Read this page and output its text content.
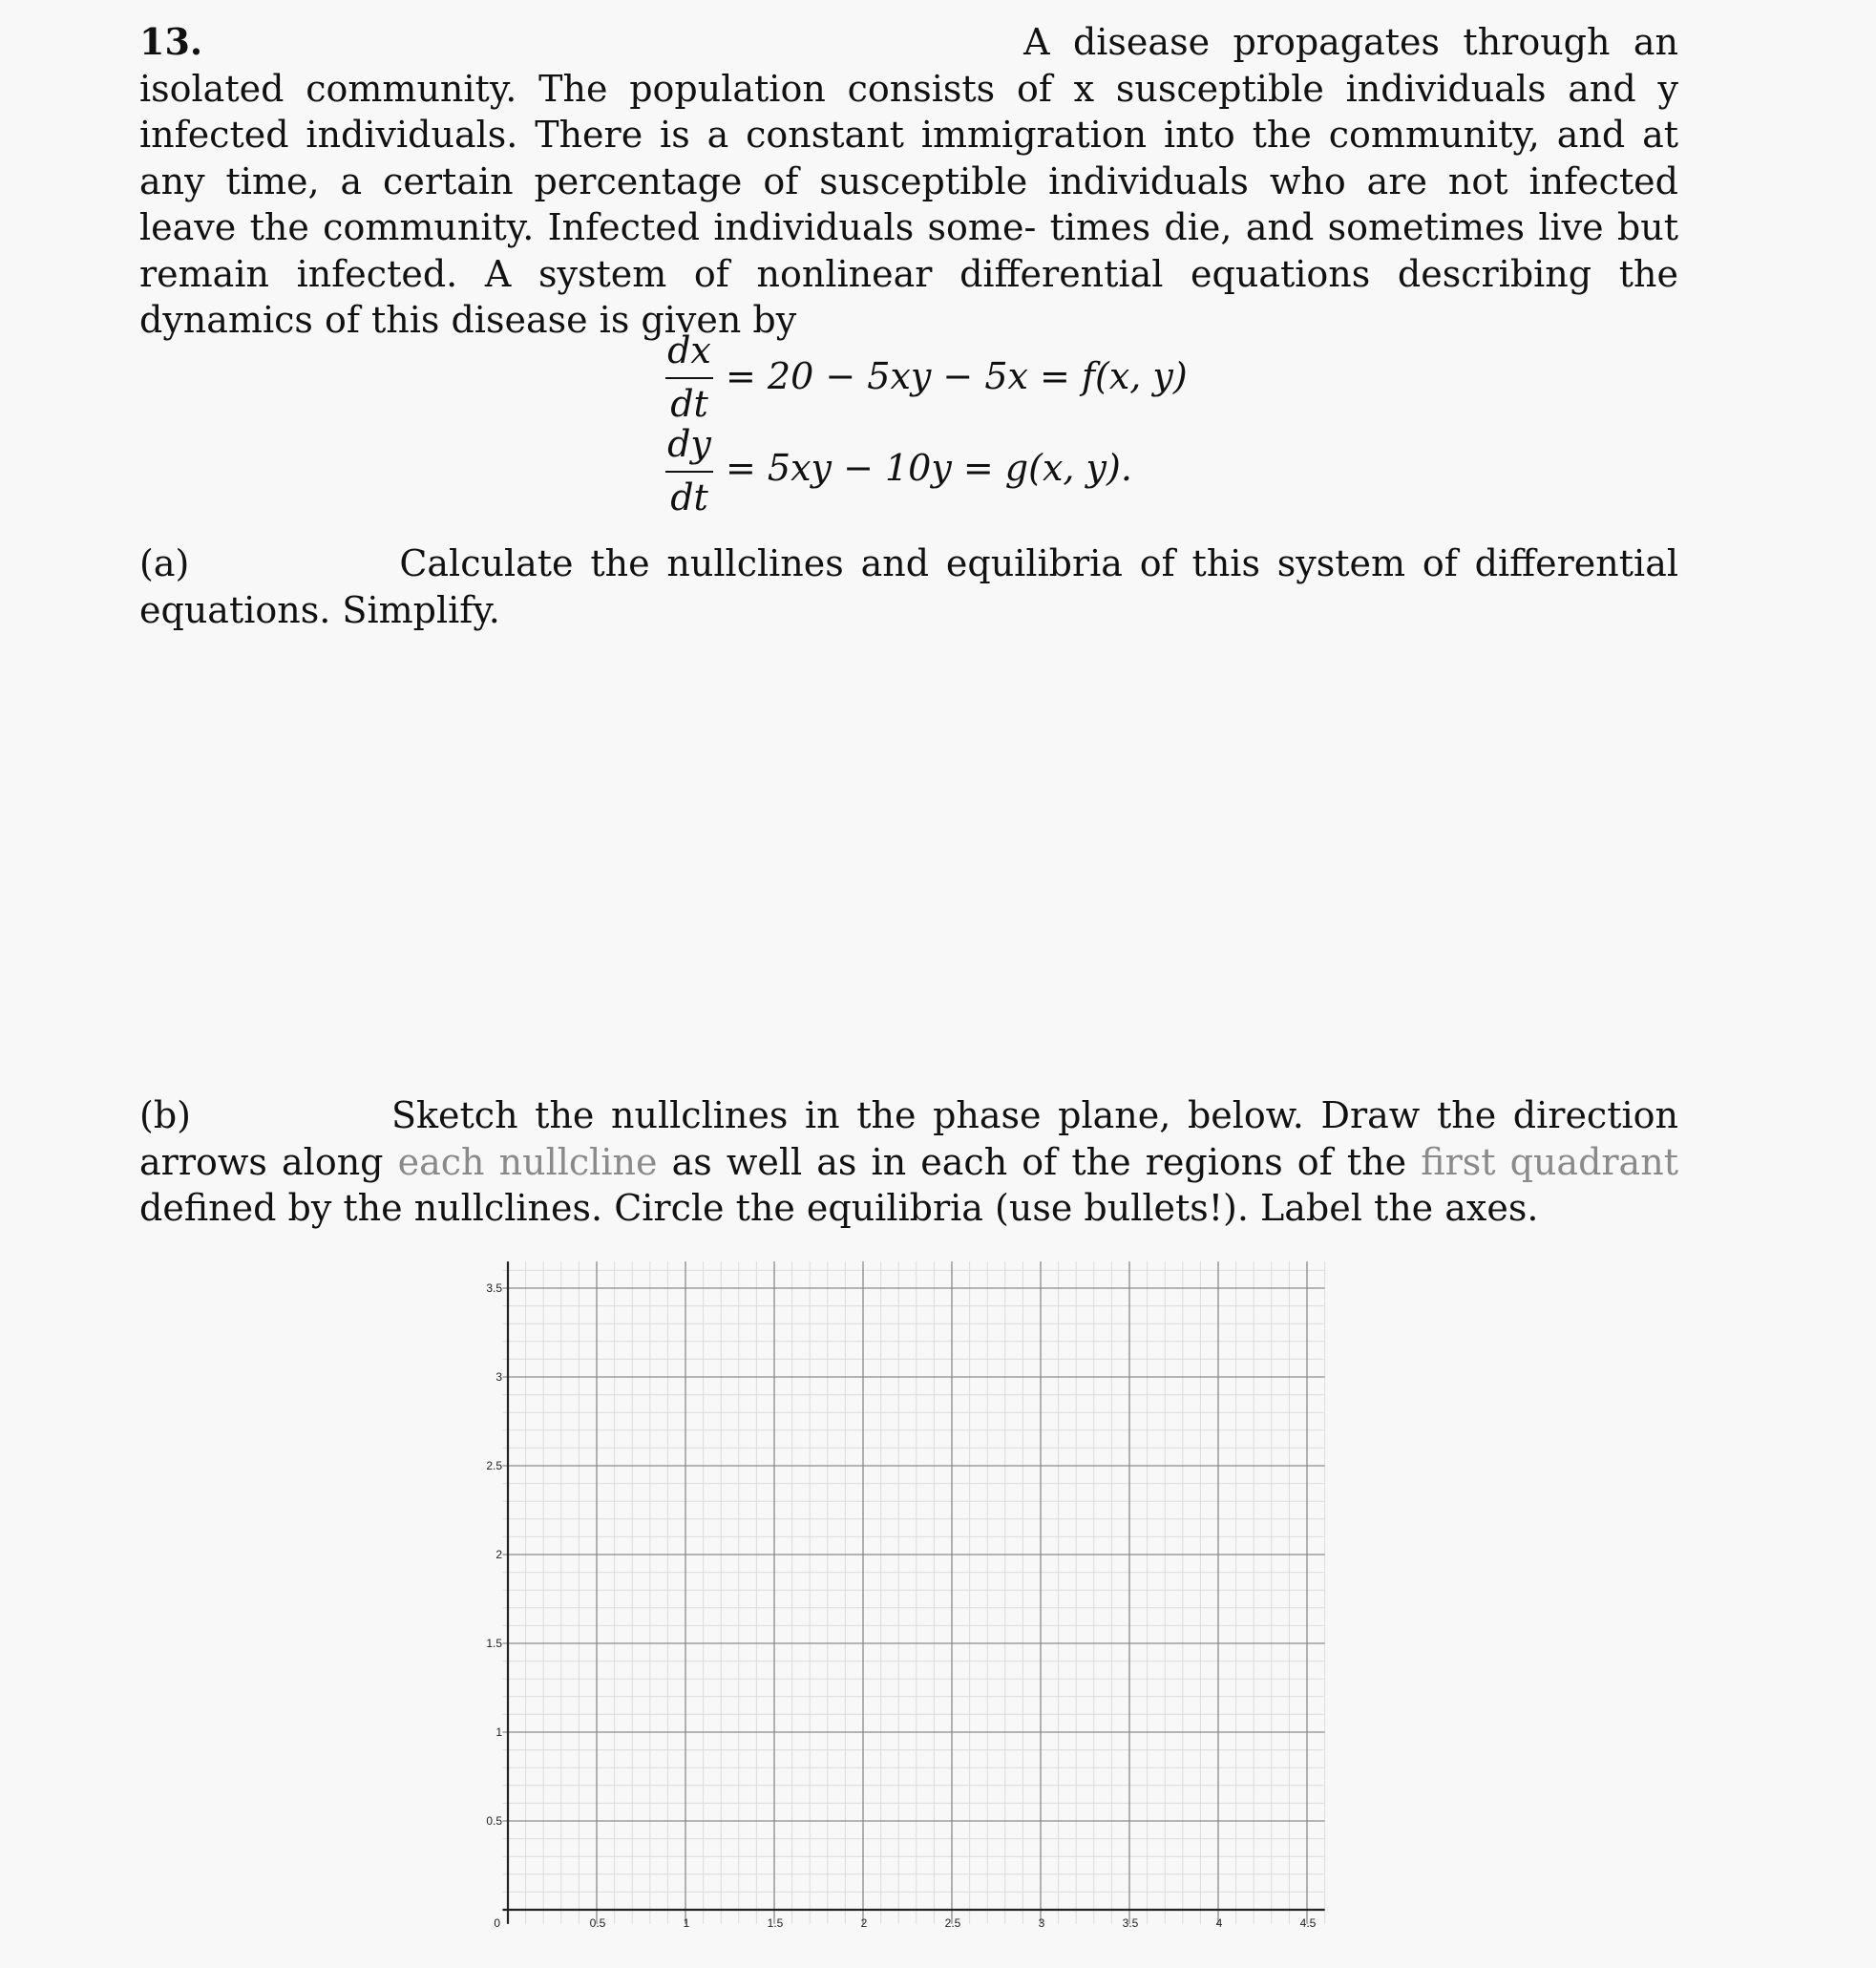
13.	A disease propagates through an isolated community. The population consists of x susceptible individuals and y infected individuals. There is a constant immigration into the community, and at any time, a certain percentage of susceptible individuals who are not infected leave the community. Infected individuals some- times die, and sometimes live but remain infected. A system of nonlinear differential equations describing the dynamics of this disease is given by

dx
dt
= 20 − 5xy − 5x = f(x, y)
dy
dt
= 5xy − 10y = g(x, y).

(a)	Calculate the nullclines and equilibria of this system of differential equations. Simplify.

(b)	Sketch the nullclines in the phase plane, below. Draw the direction arrows along each nullcline as well as in each of the regions of the first quadrant defined by the nullclines. Circle the equilibria (use bullets!). Label the axes.

0	0.5	1	1.5	2	2.5	3	3.5	4	4.5
0.5
1
1.5
2
2.5
3
3.5
